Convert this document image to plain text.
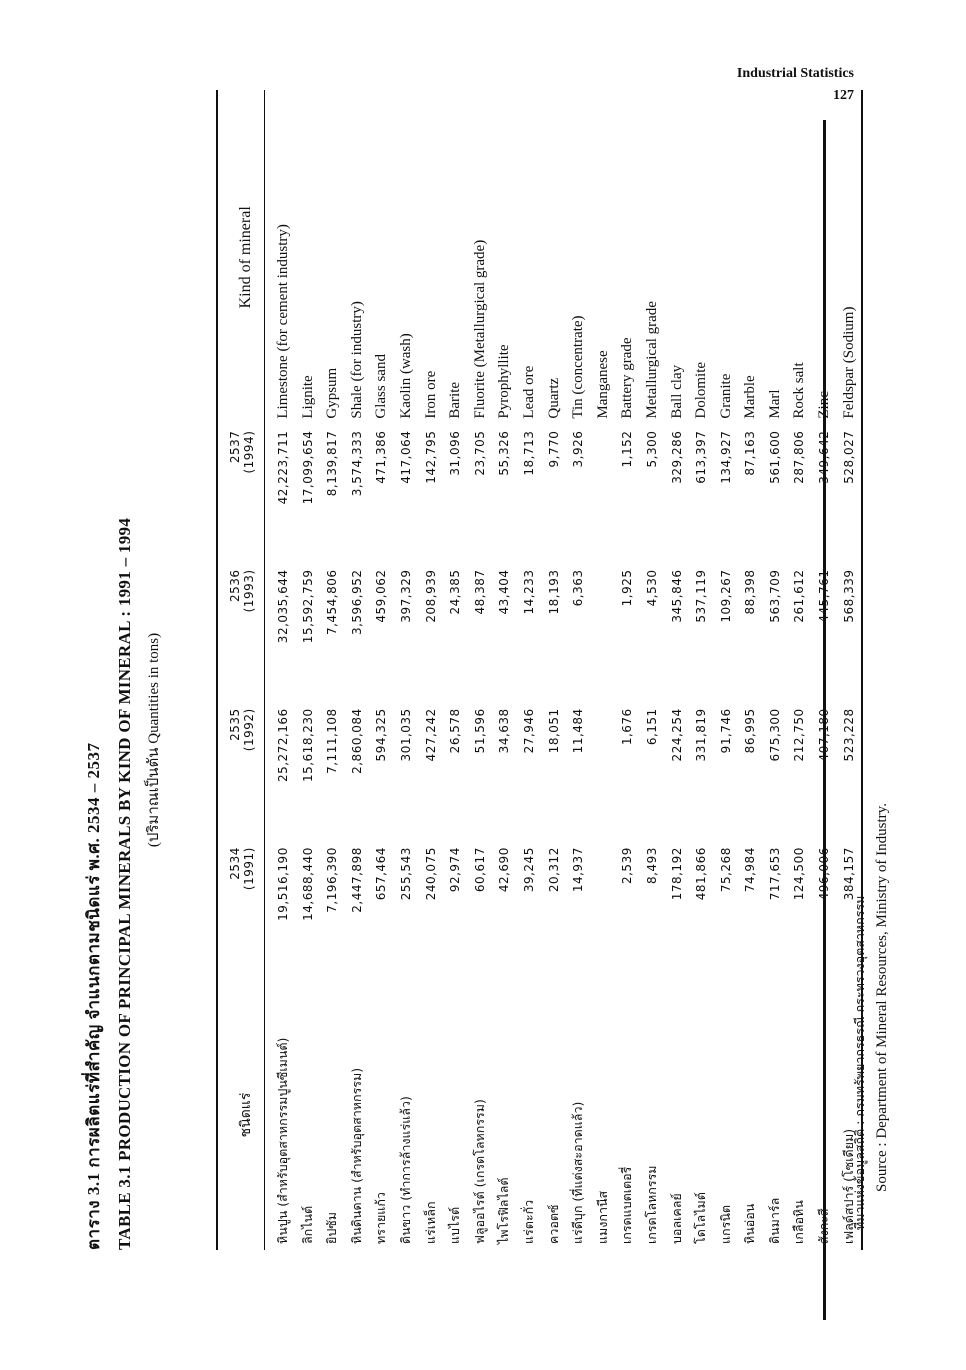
Industrial Statistics
127
ตาราง 3.1 การผลิตแร่ที่สำคัญ จำแนกตามชนิดแร่ พ.ศ. 2534 – 2537 TABLE 3.1 PRODUCTION OF PRINCIPAL MINERALS BY KIND OF MINERAL : 1991 – 1994 (ปริมาณเป็นตัน Quantities in tons)
ชนิดแร่	2534	2535	2536	2537	Kind of mineral
	(1991)	(1992)	(1993)	(1994)	
หินปูน (สำหรับอุตสาหกรรมปูนซีเมนต์)	19,516,190	25,272,166	32,035,644	42,223,711	Limestone (for cement industry)
ลิกไนต์	14,688,440	15,618,230	15,592,759	17,099,654	Lignite
ยิปซัม	7,196,390	7,111,108	7,454,806	8,139,817	Gypsum
หินดินดาน (สำหรับอุตสาหกรรม)	2,447,898	2,860,084	3,596,952	3,574,333	Shale (for industry)
ทรายแก้ว	657,464	594,325	459,062	471,386	Glass sand
ดินขาว (ทำการล้างแร่แล้ว)	255,543	301,035	397,329	417,064	Kaolin (wash)
แร่เหล็ก	240,075	427,242	208,939	142,795	Iron ore
แบไรต์	92,974	26,578	24,385	31,096	Barite
ฟลูออไรต์ (เกรดโลหกรรม)	60,617	51,596	48,387	23,705	Fluorite (Metallurgical grade)
ไพโรฟิลไลต์	42,690	34,638	43,404	55,326	Pyrophyllite
แร่ตะกั่ว	39,245	27,946	14,233	18,713	Lead ore
ควอตซ์	20,312	18,051	18,193	9,770	Quartz
แร่ดีบุก (ที่แต่งสะอาดแล้ว)	14,937	11,484	6,363	3,926	Tin (concentrate)
แมงกานีส					Manganese
เกรดแบตเตอรี่	2,539	1,676	1,925	1,152	Battery grade
เกรดโลหกรรม	8,493	6,151	4,530	5,300	Metallurgical grade
บอลเคลย์	178,192	224,254	345,846	329,286	Ball clay
โดโลไมต์	481,866	331,819	537,119	613,397	Dolomite
แกรนิต	75,268	91,746	109,267	134,927	Granite
หินอ่อน	74,984	86,995	88,398	87,163	Marble
ดินมาร์ล	717,653	675,300	563,709	561,600	Marl
เกลือหิน	124,500	212,750	261,612	287,806	Rock salt
สังกะสี	496,006	407,180	445,761	349,642	Zinc
เฟลด์สปาร์ (โซเดียม)	384,157	523,228	568,339	528,027	Feldspar (Sodium)
ที่มาแห่งข้อมูลสถิติ : กรมทรัพยากรธรณี กระทรวงอุตสาหกรรม Source : Department of Mineral Resources, Ministry of Industry.
